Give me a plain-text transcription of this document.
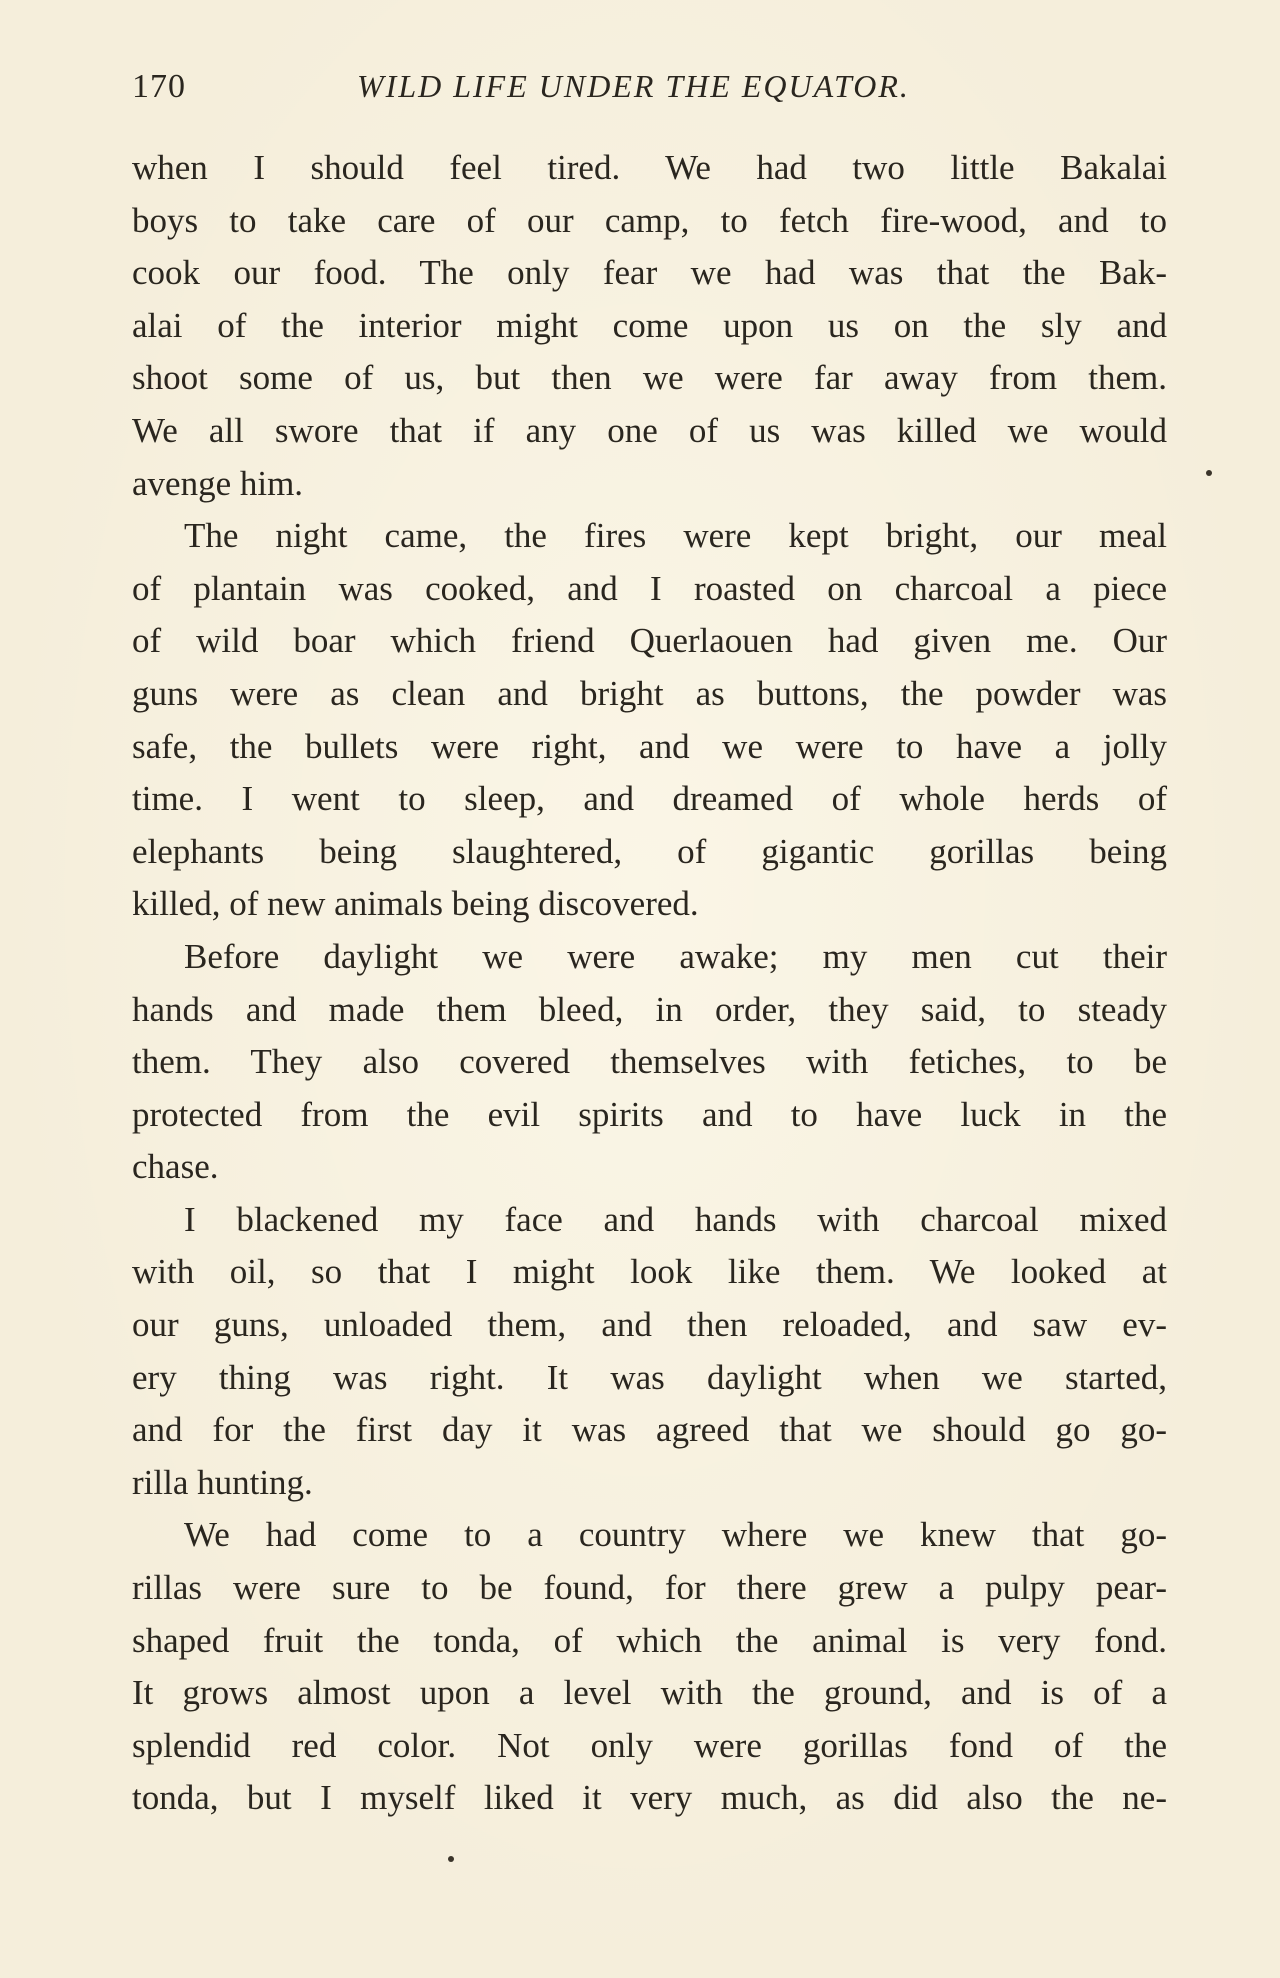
170	WILD LIFE UNDER THE EQUATOR.
when I should feel tired. We had two little Bakalai
boys to take care of our camp, to fetch fire-wood, and to
cook our food. The only fear we had was that the Bak-
alai of the interior might come upon us on the sly and
shoot some of us, but then we were far away from them.
We all swore that if any one of us was killed we would
avenge him.
The night came, the fires were kept bright, our meal
of plantain was cooked, and I roasted on charcoal a piece
of wild boar which friend Querlaouen had given me. Our
guns were as clean and bright as buttons, the powder was
safe, the bullets were right, and we were to have a jolly
time. I went to sleep, and dreamed of whole herds of
elephants being slaughtered, of gigantic gorillas being
killed, of new animals being discovered.
Before daylight we were awake; my men cut their
hands and made them bleed, in order, they said, to steady
them. They also covered themselves with fetiches, to be
protected from the evil spirits and to have luck in the
chase.
I blackened my face and hands with charcoal mixed
with oil, so that I might look like them. We looked at
our guns, unloaded them, and then reloaded, and saw ev-
ery thing was right. It was daylight when we started,
and for the first day it was agreed that we should go go-
rilla hunting.
We had come to a country where we knew that go-
rillas were sure to be found, for there grew a pulpy pear-
shaped fruit the tonda, of which the animal is very fond.
It grows almost upon a level with the ground, and is of a
splendid red color. Not only were gorillas fond of the
tonda, but I myself liked it very much, as did also the ne-
